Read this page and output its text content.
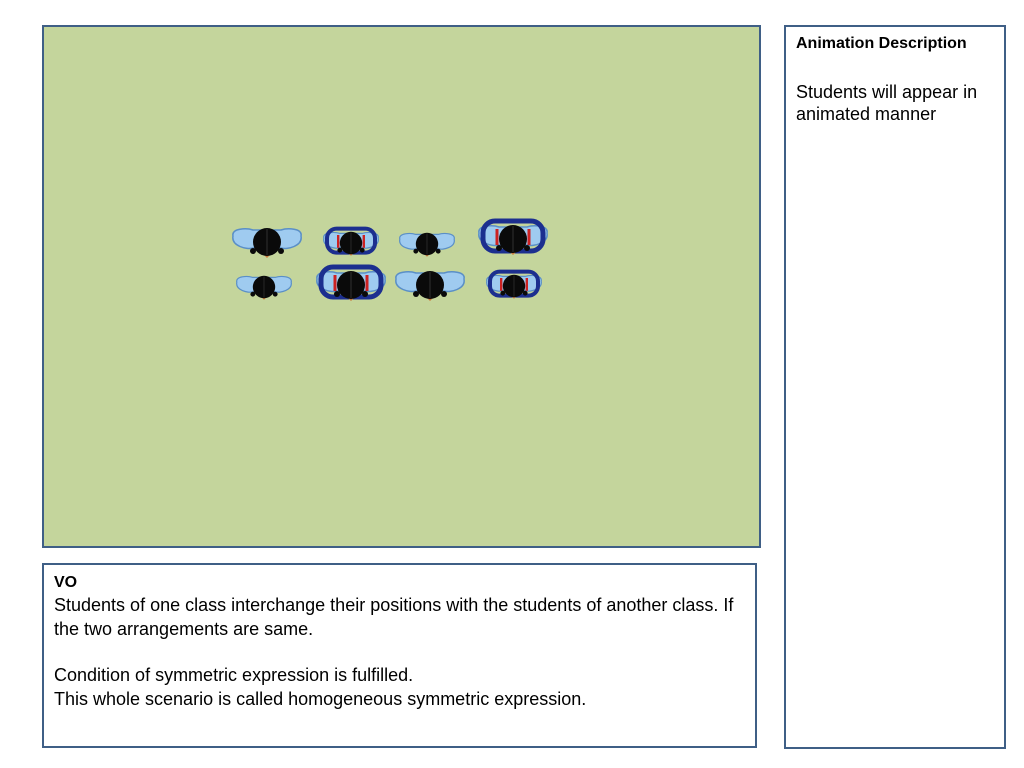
VO

Students of one class interchange their positions with the students of another class. If the two arrangements are same.

Condition of symmetric expression is fulfilled.

This whole scenario is called homogeneous symmetric expression.

Animation Description
Students will appear in animated manner
